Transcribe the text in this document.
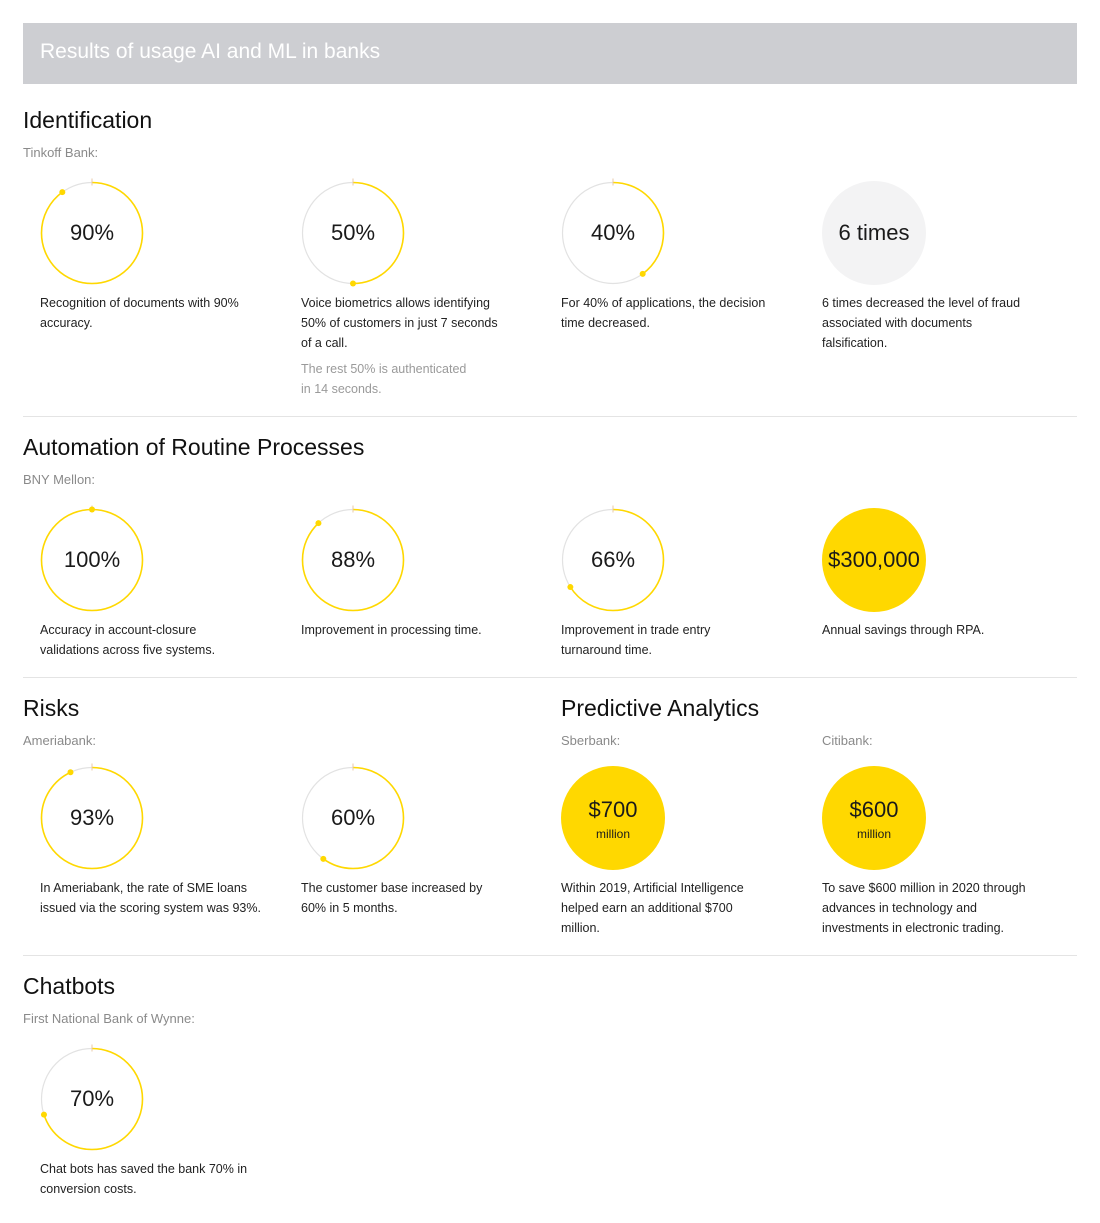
Results of usage AI and ML in banks
Identification
Tinkoff Bank:
90%
Recognition of documents with 90% accuracy.
50%
Voice biometrics allows identifying 50% of customers in just 7 seconds of a call.
The rest 50% is authenticated in 14 seconds.
40%
For 40% of applications, the decision time decreased.
6 times
6 times decreased the level of fraud associated with documents falsification.
Automation of Routine Processes
BNY Mellon:
100%
Accuracy in account-closure validations across five systems.
88%
Improvement in processing time.
66%
Improvement in trade entry turnaround time.
$300,000
Annual savings through RPA.
Risks
Ameriabank:
93%
In Ameriabank, the rate of SME loans issued via the scoring system was 93%.
60%
The customer base increased by 60% in 5 months.
Predictive Analytics
Sberbank:	Citibank:
$700
million
Within 2019, Artificial Intelligence helped earn an additional $700 million.
$600
million
To save $600 million in 2020 through advances in technology and investments in electronic trading.
Chatbots
First National Bank of Wynne:
70%
Chat bots has saved the bank 70% in conversion costs.
